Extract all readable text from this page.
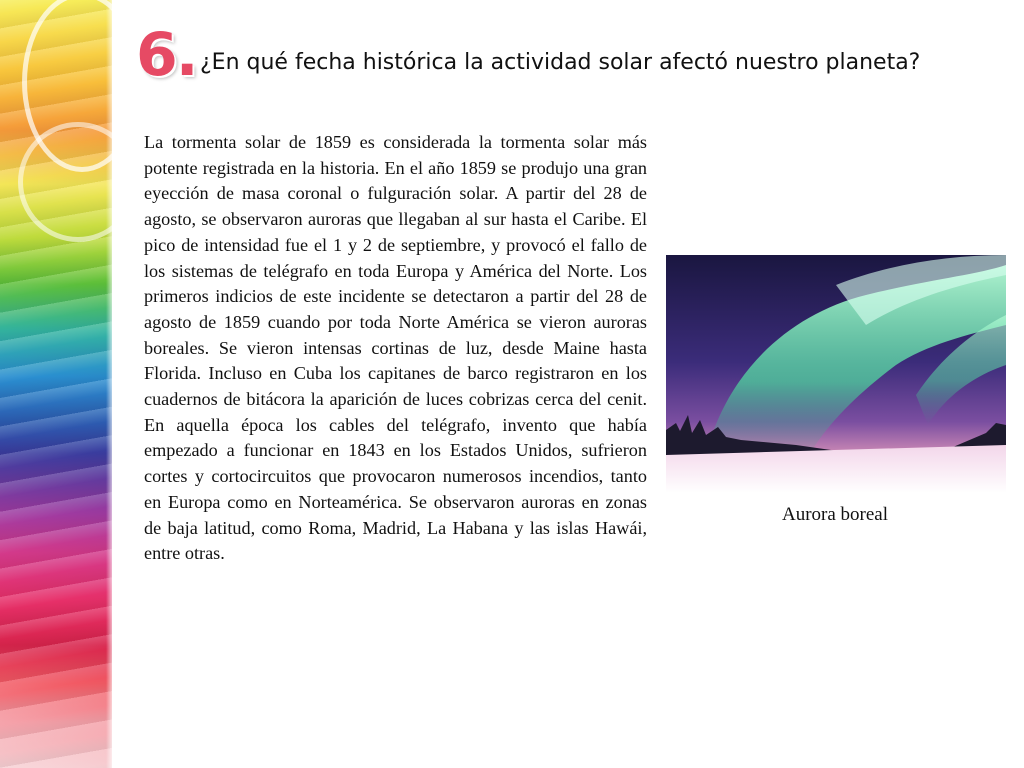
6. ¿En qué fecha histórica la actividad solar afectó nuestro planeta?

La tormenta solar de 1859 es considerada la tormenta solar más potente registrada en la historia. En el año 1859 se produjo una gran eyección de masa coronal o fulguración solar. A partir del 28 de agosto, se observaron auroras que llegaban al sur hasta el Caribe. El pico de intensidad fue el 1 y 2 de septiembre, y provocó el fallo de los sistemas de telégrafo en toda Europa y América del Norte. Los primeros indicios de este incidente se detectaron a partir del 28 de agosto de 1859 cuando por toda Norte América se vieron auroras boreales. Se vieron intensas cortinas de luz, desde Maine hasta Florida. Incluso en Cuba los capitanes de barco registraron en los cuadernos de bitácora la aparición de luces cobrizas cerca del cenit. En aquella época los cables del telégrafo, invento que había empezado a funcionar en 1843 en los Estados Unidos, sufrieron cortes y cortocircuitos que provocaron numerosos incendios, tanto en Europa como en Norteamérica. Se observaron auroras en zonas de baja latitud, como Roma, Madrid, La Habana y las islas Hawái, entre otras.

Aurora boreal
